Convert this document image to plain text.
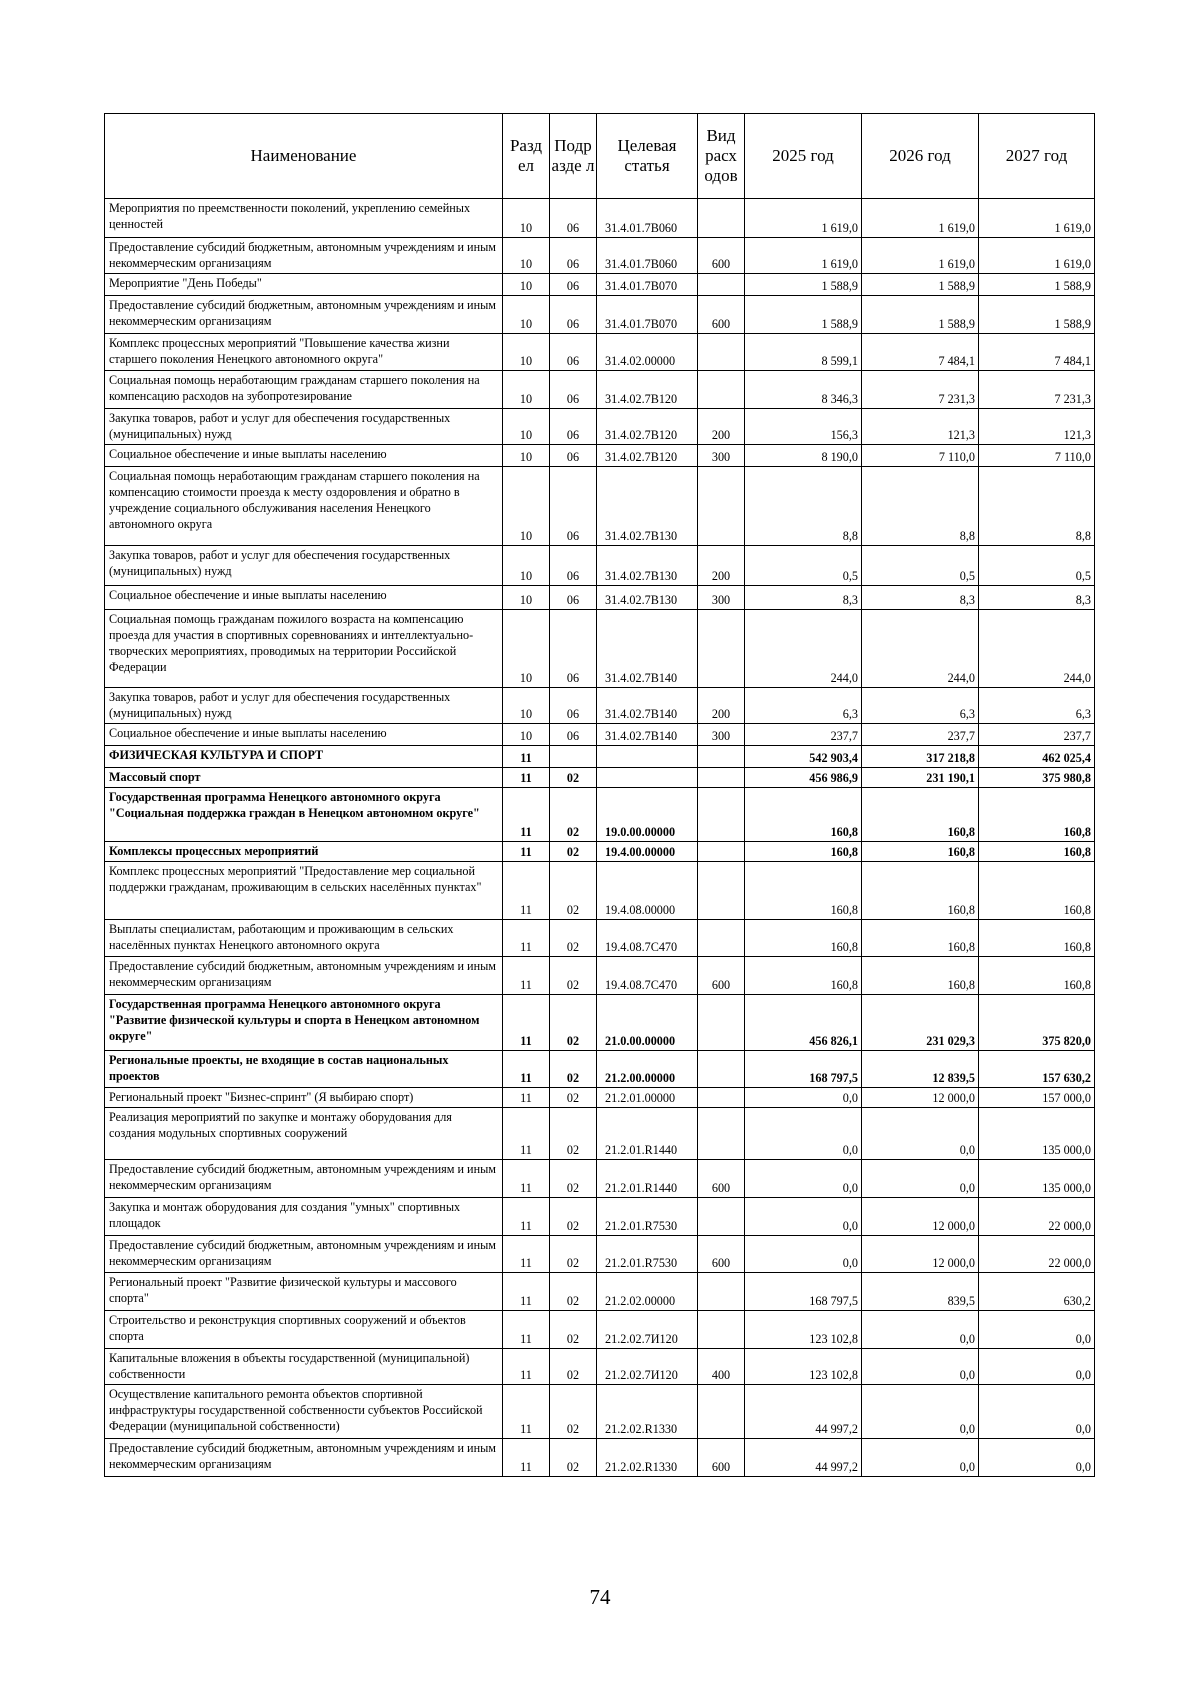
Наименование	Разд ел	Подр азде л	Целевая статья	Вид расх одов	2025 год	2026 год	2027 год
Мероприятия по преемственности поколений, укреплению семейных ценностей	10	06	31.4.01.7B060		1 619,0	1 619,0	1 619,0
Предоставление субсидий бюджетным, автономным учреждениям и иным некоммерческим организациям	10	06	31.4.01.7B060	600	1 619,0	1 619,0	1 619,0
Мероприятие "День Победы"	10	06	31.4.01.7B070		1 588,9	1 588,9	1 588,9
Предоставление субсидий бюджетным, автономным учреждениям и иным некоммерческим организациям	10	06	31.4.01.7B070	600	1 588,9	1 588,9	1 588,9
Комплекс процессных мероприятий "Повышение качества жизни старшего поколения Ненецкого автономного округа"	10	06	31.4.02.00000		8 599,1	7 484,1	7 484,1
Социальная помощь неработающим гражданам старшего поколения на компенсацию расходов на зубопротезирование	10	06	31.4.02.7B120		8 346,3	7 231,3	7 231,3
Закупка товаров, работ и услуг для обеспечения государственных (муниципальных) нужд	10	06	31.4.02.7B120	200	156,3	121,3	121,3
Социальное обеспечение и иные выплаты населению	10	06	31.4.02.7B120	300	8 190,0	7 110,0	7 110,0
Социальная помощь неработающим гражданам старшего поколения на компенсацию стоимости проезда к месту оздоровления и обратно в учреждение социального обслуживания населения Ненецкого автономного округа	10	06	31.4.02.7B130		8,8	8,8	8,8
Закупка товаров, работ и услуг для обеспечения государственных (муниципальных) нужд	10	06	31.4.02.7B130	200	0,5	0,5	0,5
Социальное обеспечение и иные выплаты населению	10	06	31.4.02.7B130	300	8,3	8,3	8,3
Социальная помощь гражданам пожилого возраста на компенсацию проезда для участия в спортивных соревнованиях и интеллектуально-творческих мероприятиях, проводимых на территории Российской Федерации	10	06	31.4.02.7B140		244,0	244,0	244,0
Закупка товаров, работ и услуг для обеспечения государственных (муниципальных) нужд	10	06	31.4.02.7B140	200	6,3	6,3	6,3
Социальное обеспечение и иные выплаты населению	10	06	31.4.02.7B140	300	237,7	237,7	237,7
ФИЗИЧЕСКАЯ КУЛЬТУРА И СПОРТ	11				542 903,4	317 218,8	462 025,4
Массовый спорт	11	02			456 986,9	231 190,1	375 980,8
Государственная программа Ненецкого автономного округа "Социальная поддержка граждан в Ненецком автономном округе"	11	02	19.0.00.00000		160,8	160,8	160,8
Комплексы процессных мероприятий	11	02	19.4.00.00000		160,8	160,8	160,8
Комплекс процессных мероприятий "Предоставление мер социальной поддержки гражданам, проживающим в сельских населённых пунктах"	11	02	19.4.08.00000		160,8	160,8	160,8
Выплаты специалистам, работающим и проживающим в сельских населённых пунктах Ненецкого автономного округа	11	02	19.4.08.7C470		160,8	160,8	160,8
Предоставление субсидий бюджетным, автономным учреждениям и иным некоммерческим организациям	11	02	19.4.08.7C470	600	160,8	160,8	160,8
Государственная программа Ненецкого автономного округа "Развитие физической культуры и спорта в Ненецком автономном округе"	11	02	21.0.00.00000		456 826,1	231 029,3	375 820,0
Региональные проекты, не входящие в состав национальных проектов	11	02	21.2.00.00000		168 797,5	12 839,5	157 630,2
Региональный проект "Бизнес-спринт" (Я выбираю спорт)	11	02	21.2.01.00000		0,0	12 000,0	157 000,0
Реализация мероприятий по закупке и монтажу оборудования для создания модульных спортивных сооружений	11	02	21.2.01.R1440		0,0	0,0	135 000,0
Предоставление субсидий бюджетным, автономным учреждениям и иным некоммерческим организациям	11	02	21.2.01.R1440	600	0,0	0,0	135 000,0
Закупка и монтаж оборудования для создания "умных" спортивных площадок	11	02	21.2.01.R7530		0,0	12 000,0	22 000,0
Предоставление субсидий бюджетным, автономным учреждениям и иным некоммерческим организациям	11	02	21.2.01.R7530	600	0,0	12 000,0	22 000,0
Региональный проект "Развитие физической культуры и массового спорта"	11	02	21.2.02.00000		168 797,5	839,5	630,2
Строительство и реконструкция спортивных сооружений и объектов спорта	11	02	21.2.02.7И120		123 102,8	0,0	0,0
Капитальные вложения в объекты государственной (муниципальной) собственности	11	02	21.2.02.7И120	400	123 102,8	0,0	0,0
Осуществление капитального ремонта объектов спортивной инфраструктуры государственной собственности субъектов Российской Федерации (муниципальной собственности)	11	02	21.2.02.R1330		44 997,2	0,0	0,0
Предоставление субсидий бюджетным, автономным учреждениям и иным некоммерческим организациям	11	02	21.2.02.R1330	600	44 997,2	0,0	0,0
74
